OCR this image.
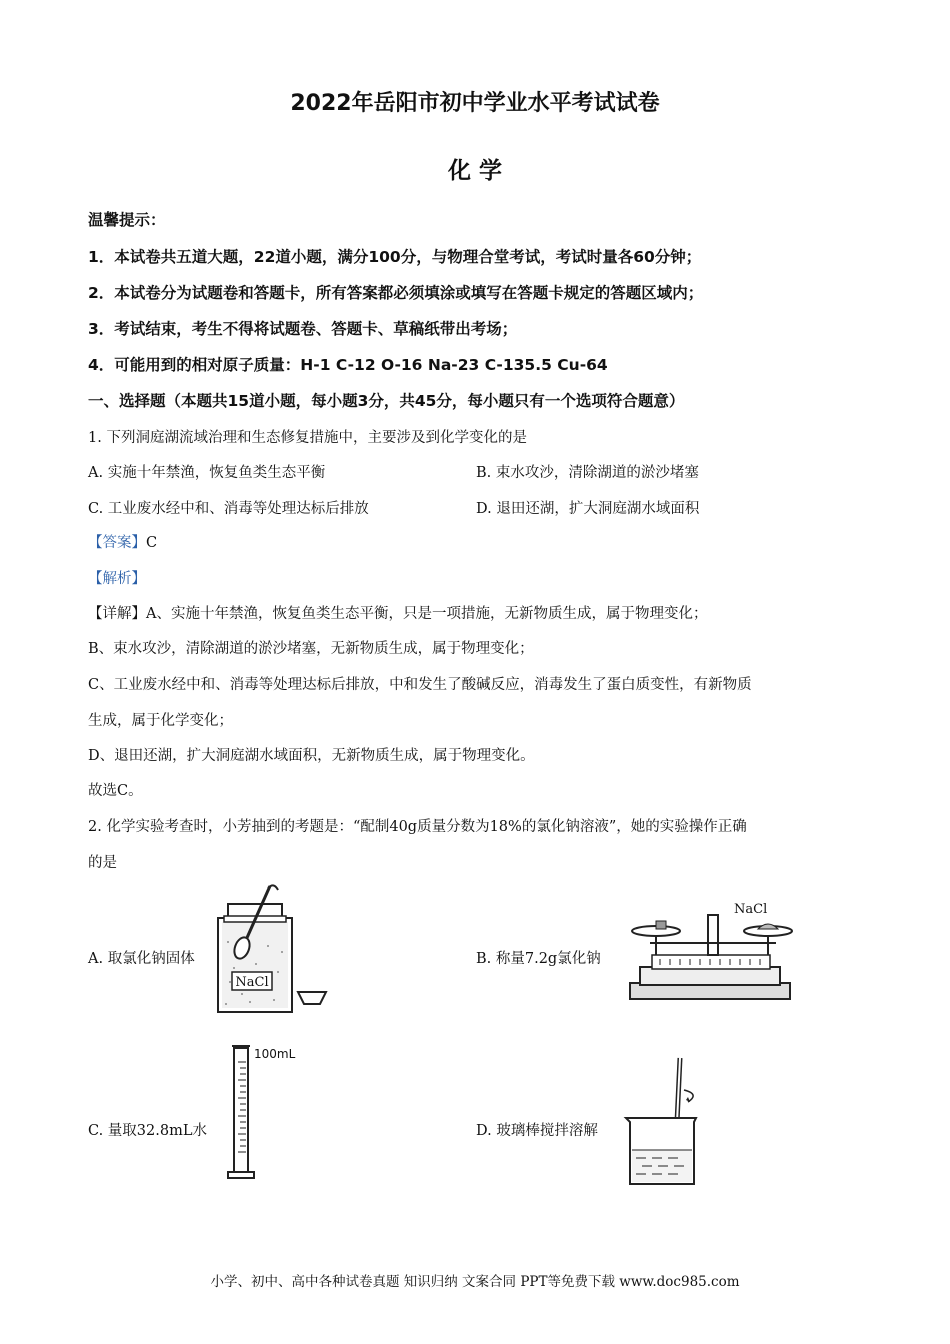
2022年岳阳市初中学业水平考试试卷
化 学
温馨提示：
1．本试卷共五道大题，22道小题，满分100分，与物理合堂考试，考试时量各60分钟；
2．本试卷分为试题卷和答题卡，所有答案都必须填涂或填写在答题卡规定的答题区域内；
3．考试结束，考生不得将试题卷、答题卡、草稿纸带出考场；
4．可能用到的相对原子质量：H-1 C-12 O-16 Na-23 C-135.5 Cu-64
一、选择题（本题共15道小题，每小题3分，共45分，每小题只有一个选项符合题意）
1. 下列洞庭湖流域治理和生态修复措施中，主要涉及到化学变化的是
A. 实施十年禁渔，恢复鱼类生态平衡	B. 束水攻沙，清除湖道的淤沙堵塞
C. 工业废水经中和、消毒等处理达标后排放	D. 退田还湖，扩大洞庭湖水域面积
【答案】C
【解析】
【详解】A、实施十年禁渔，恢复鱼类生态平衡，只是一项措施，无新物质生成，属于物理变化；
B、束水攻沙，清除湖道的淤沙堵塞，无新物质生成，属于物理变化；
C、工业废水经中和、消毒等处理达标后排放，中和发生了酸碱反应，消毒发生了蛋白质变性，有新物质
生成，属于化学变化；
D、退田还湖，扩大洞庭湖水域面积，无新物质生成，属于物理变化。
故选C。
2. 化学实验考查时，小芳抽到的考题是：“配制40g质量分数为18%的氯化钠溶液”，她的实验操作正确
的是
A. 取氯化钠固体	B. 称量7.2g氯化钠
C. 量取32.8mL水	D. 玻璃棒搅拌溶解
NaCl
NaCl
100mL
小学、初中、高中各种试卷真题 知识归纳 文案合同 PPT等免费下载 www.doc985.com
